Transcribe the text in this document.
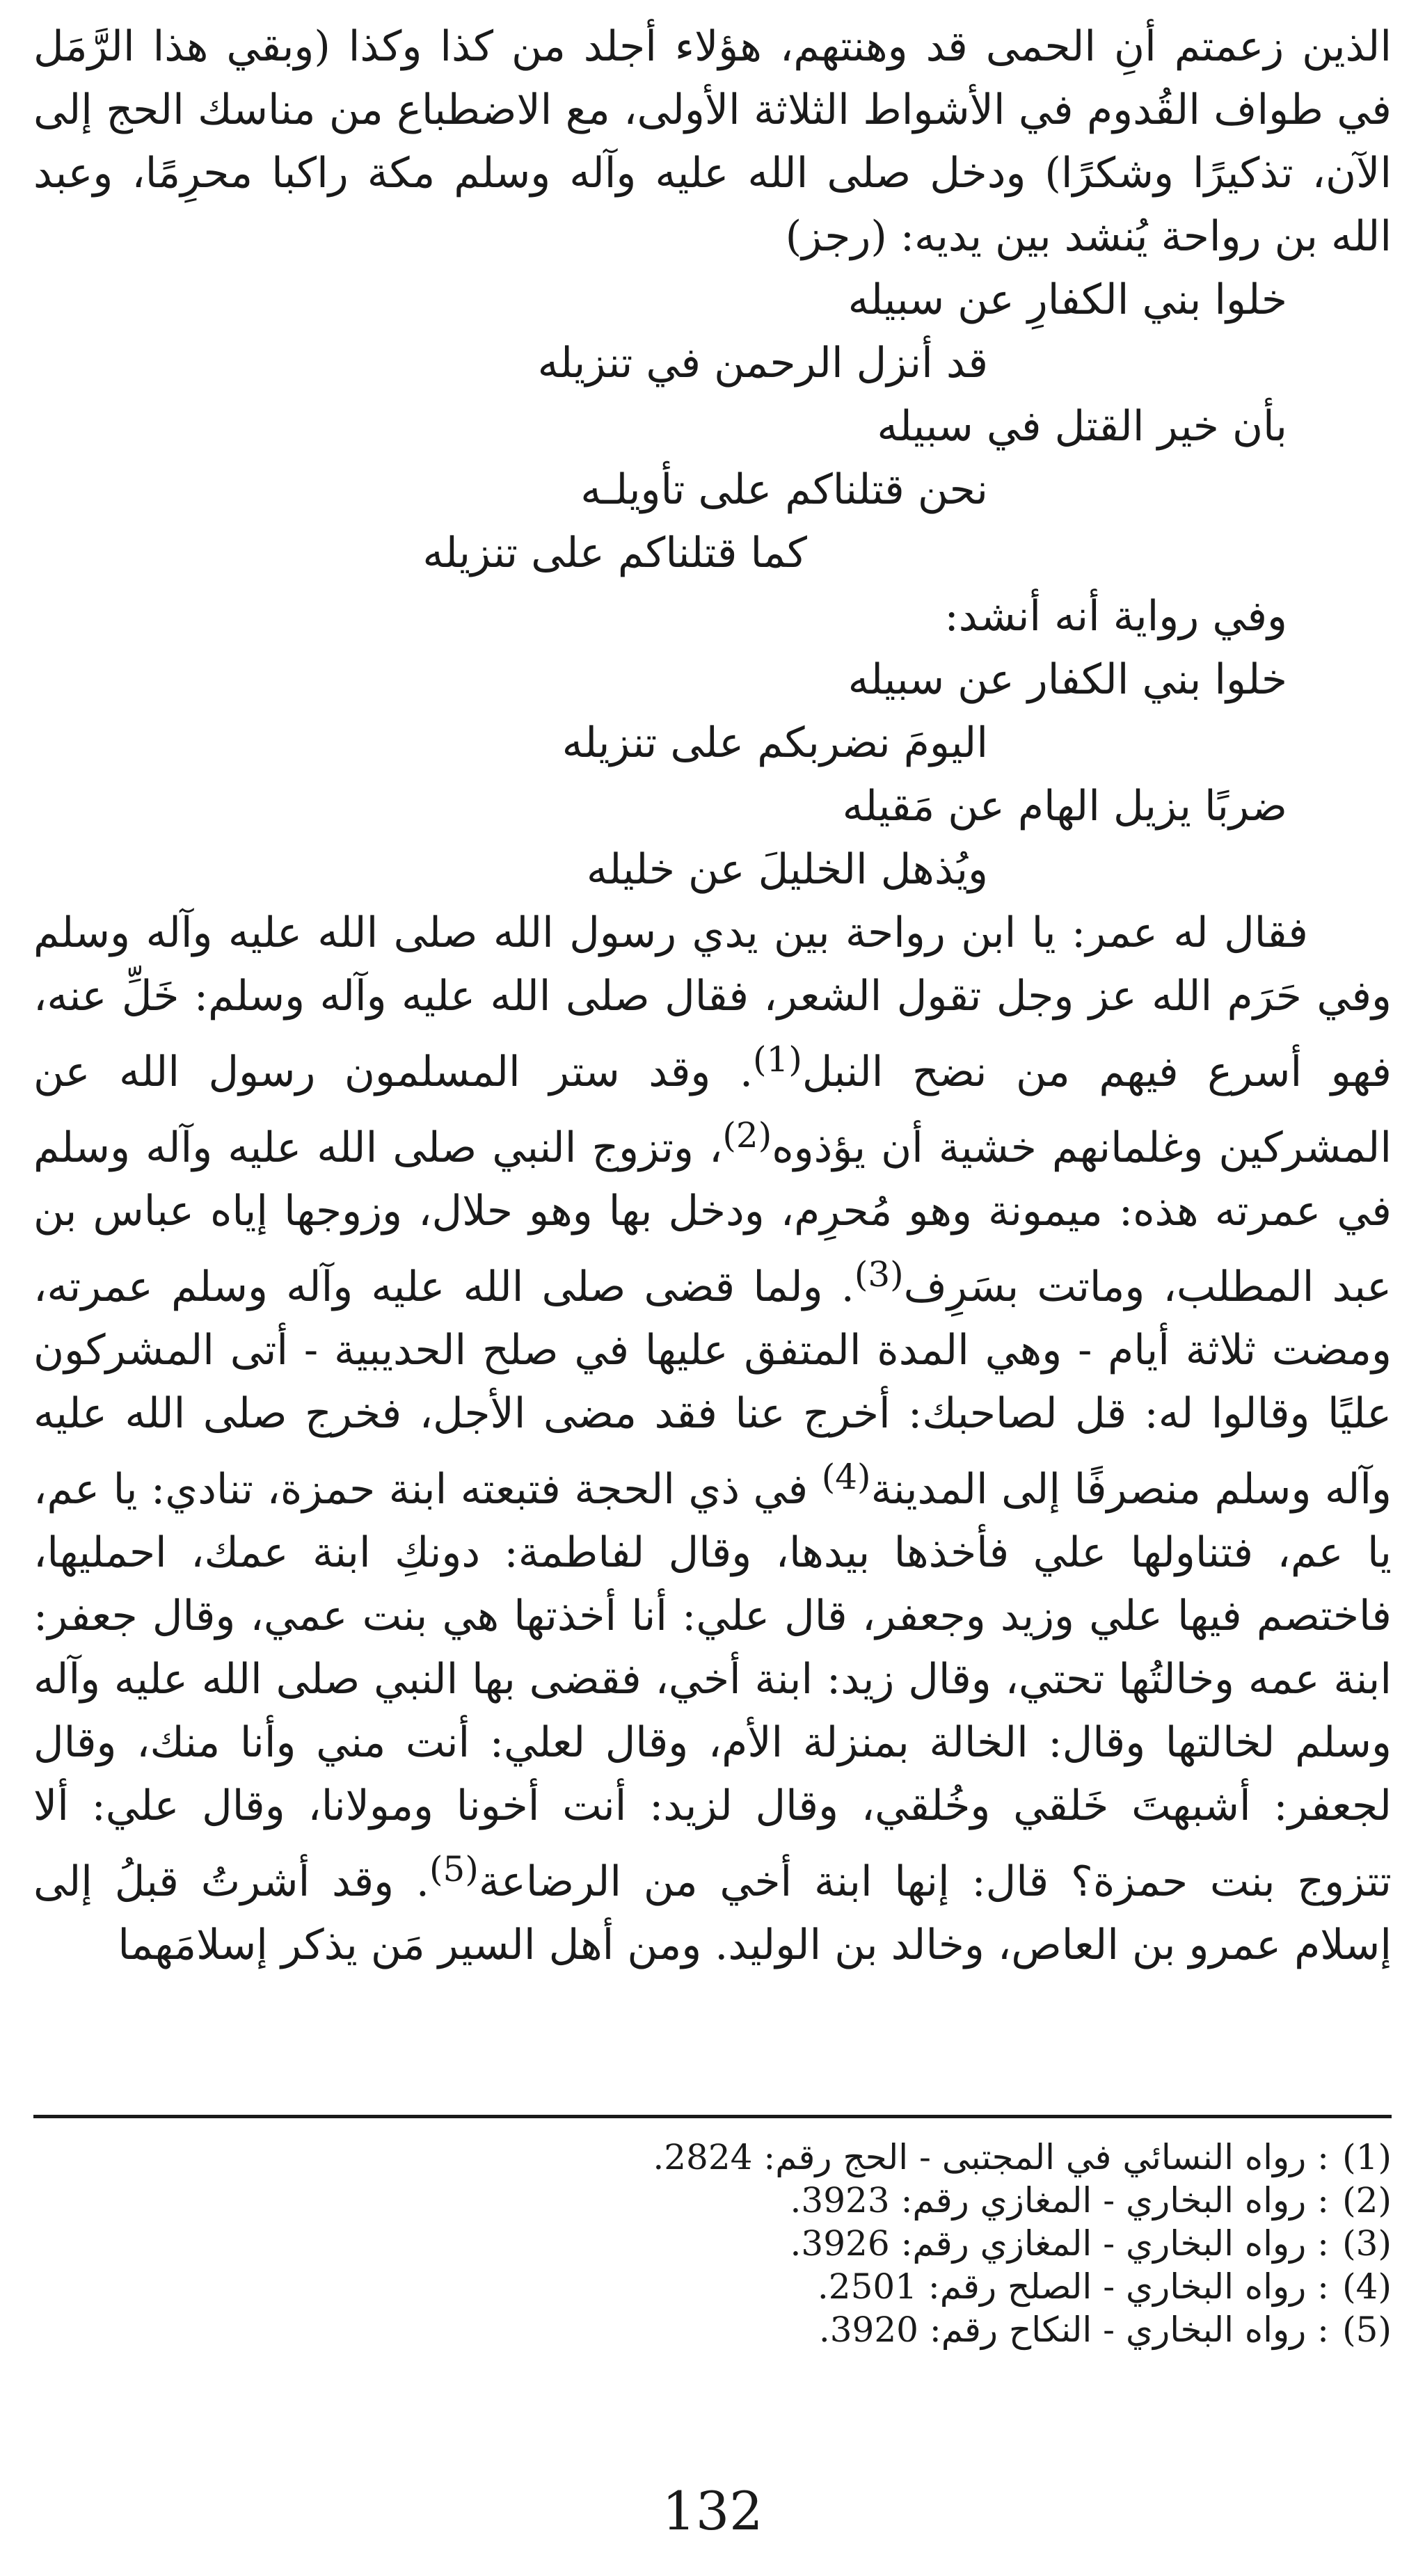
الذين زعمتم أنِ الحمى قد وهنتهم، هؤلاء أجلد من كذا وكذا (وبقي هذا الرَّمَل في طواف القُدوم في الأشواط الثلاثة الأولى، مع الاضطباع من مناسك الحج إلى الآن، تذكيرًا وشكرًا) ودخل صلى الله عليه وآله وسلم مكة راكبا محرِمًا، وعبد الله بن رواحة يُنشد بين يديه: (رجز)

خلوا بني الكفارِ عن سبيله

قد أنزل الرحمن في تنزيله

بأن خير القتل في سبيله

نحن قتلناكم على تأويلـه

كما قتلناكم على تنزيله

وفي رواية أنه أنشد:

خلوا بني الكفار عن سبيله

اليومَ نضربكم على تنزيله

ضربًا يزيل الهام عن مَقيله

ويُذهل الخليلَ عن خليله

فقال له عمر: يا ابن رواحة بين يدي رسول الله صلى الله عليه وآله وسلم وفي حَرَم الله عز وجل تقول الشعر، فقال صلى الله عليه وآله وسلم: خَلِّ عنه، فهو أسرع فيهم من نضح النبل$^{(1)}$. وقد ستر المسلمون رسول الله عن المشركين وغلمانهم خشية أن يؤذوه$^{(2)}$، وتزوج النبي صلى الله عليه وآله وسلم في عمرته هذه: ميمونة وهو مُحرِم، ودخل بها وهو حلال، وزوجها إياه عباس بن عبد المطلب، وماتت بسَرِف$^{(3)}$. ولما قضى صلى الله عليه وآله وسلم عمرته، ومضت ثلاثة أيام - وهي المدة المتفق عليها في صلح الحديبية - أتى المشركون عليًا وقالوا له: قل لصاحبك: أخرج عنا فقد مضى الأجل، فخرج صلى الله عليه وآله وسلم منصرفًا إلى المدينة$^{(4)}$ في ذي الحجة فتبعته ابنة حمزة، تنادي: يا عم، يا عم، فتناولها علي فأخذها بيدها، وقال لفاطمة: دونكِ ابنة عمك، احمليها، فاختصم فيها علي وزيد وجعفر، قال علي: أنا أخذتها هي بنت عمي، وقال جعفر: ابنة عمه وخالتُها تحتي، وقال زيد: ابنة أخي، فقضى بها النبي صلى الله عليه وآله وسلم لخالتها وقال: الخالة بمنزلة الأم، وقال لعلي: أنت مني وأنا منك، وقال لجعفر: أشبهتَ خَلقي وخُلقي، وقال لزيد: أنت أخونا ومولانا، وقال علي: ألا تتزوج بنت حمزة؟ قال: إنها ابنة أخي من الرضاعة$^{(5)}$. وقد أشرتُ قبلُ إلى إسلام عمرو بن العاص، وخالد بن الوليد. ومن أهل السير مَن يذكر إسلامَهما

(1): رواه النسائي في المجتبى - الحج رقم: 2824.

(2): رواه البخاري - المغازي رقم: 3923.

(3): رواه البخاري - المغازي رقم: 3926.

(4): رواه البخاري - الصلح رقم: 2501.

(5): رواه البخاري - النكاح رقم: 3920.

132
